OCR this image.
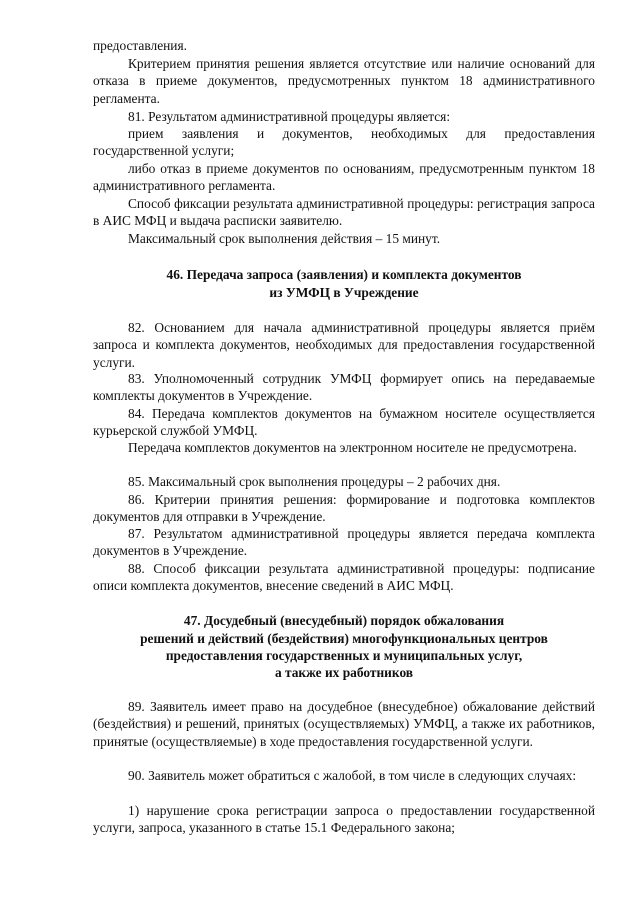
предоставления.

Критерием принятия решения является отсутствие или наличие оснований для отказа в приеме документов, предусмотренных пунктом 18 административного регламента.

81. Результатом административной процедуры является:

прием заявления и документов, необходимых для предоставления государственной услуги;

либо отказ в приеме документов по основаниям, предусмотренным пунктом 18 административного регламента.

Способ фиксации результата административной процедуры: регистрация запроса в АИС МФЦ и выдача расписки заявителю.

Максимальный срок выполнения действия – 15 минут.

46. Передача запроса (заявления) и комплекта документов

из УМФЦ в Учреждение

82. Основанием для начала административной процедуры является приём запроса и комплекта документов, необходимых для предоставления государственной услуги.

83. Уполномоченный сотрудник УМФЦ формирует опись на передаваемые комплекты документов в Учреждение.

84. Передача комплектов документов на бумажном носителе осуществляется курьерской службой УМФЦ.

Передача комплектов документов на электронном носителе не предусмотрена.

85. Максимальный срок выполнения процедуры – 2 рабочих дня.

86. Критерии принятия решения: формирование и подготовка комплектов документов для отправки в Учреждение.

87. Результатом административной процедуры является передача комплекта документов в Учреждение.

88. Способ фиксации результата административной процедуры: подписание описи комплекта документов, внесение сведений в АИС МФЦ.

47. Досудебный (внесудебный) порядок обжалования

решений и действий (бездействия) многофункциональных центров

предоставления государственных и муниципальных услуг,

а также их работников

89. Заявитель имеет право на досудебное (внесудебное) обжалование действий (бездействия) и решений, принятых (осуществляемых) УМФЦ, а также их работников, принятые (осуществляемые) в ходе предоставления государственной услуги.

90. Заявитель может обратиться с жалобой, в том числе в следующих случаях:

1) нарушение срока регистрации запроса о предоставлении государственной услуги, запроса, указанного в статье 15.1 Федерального закона;
